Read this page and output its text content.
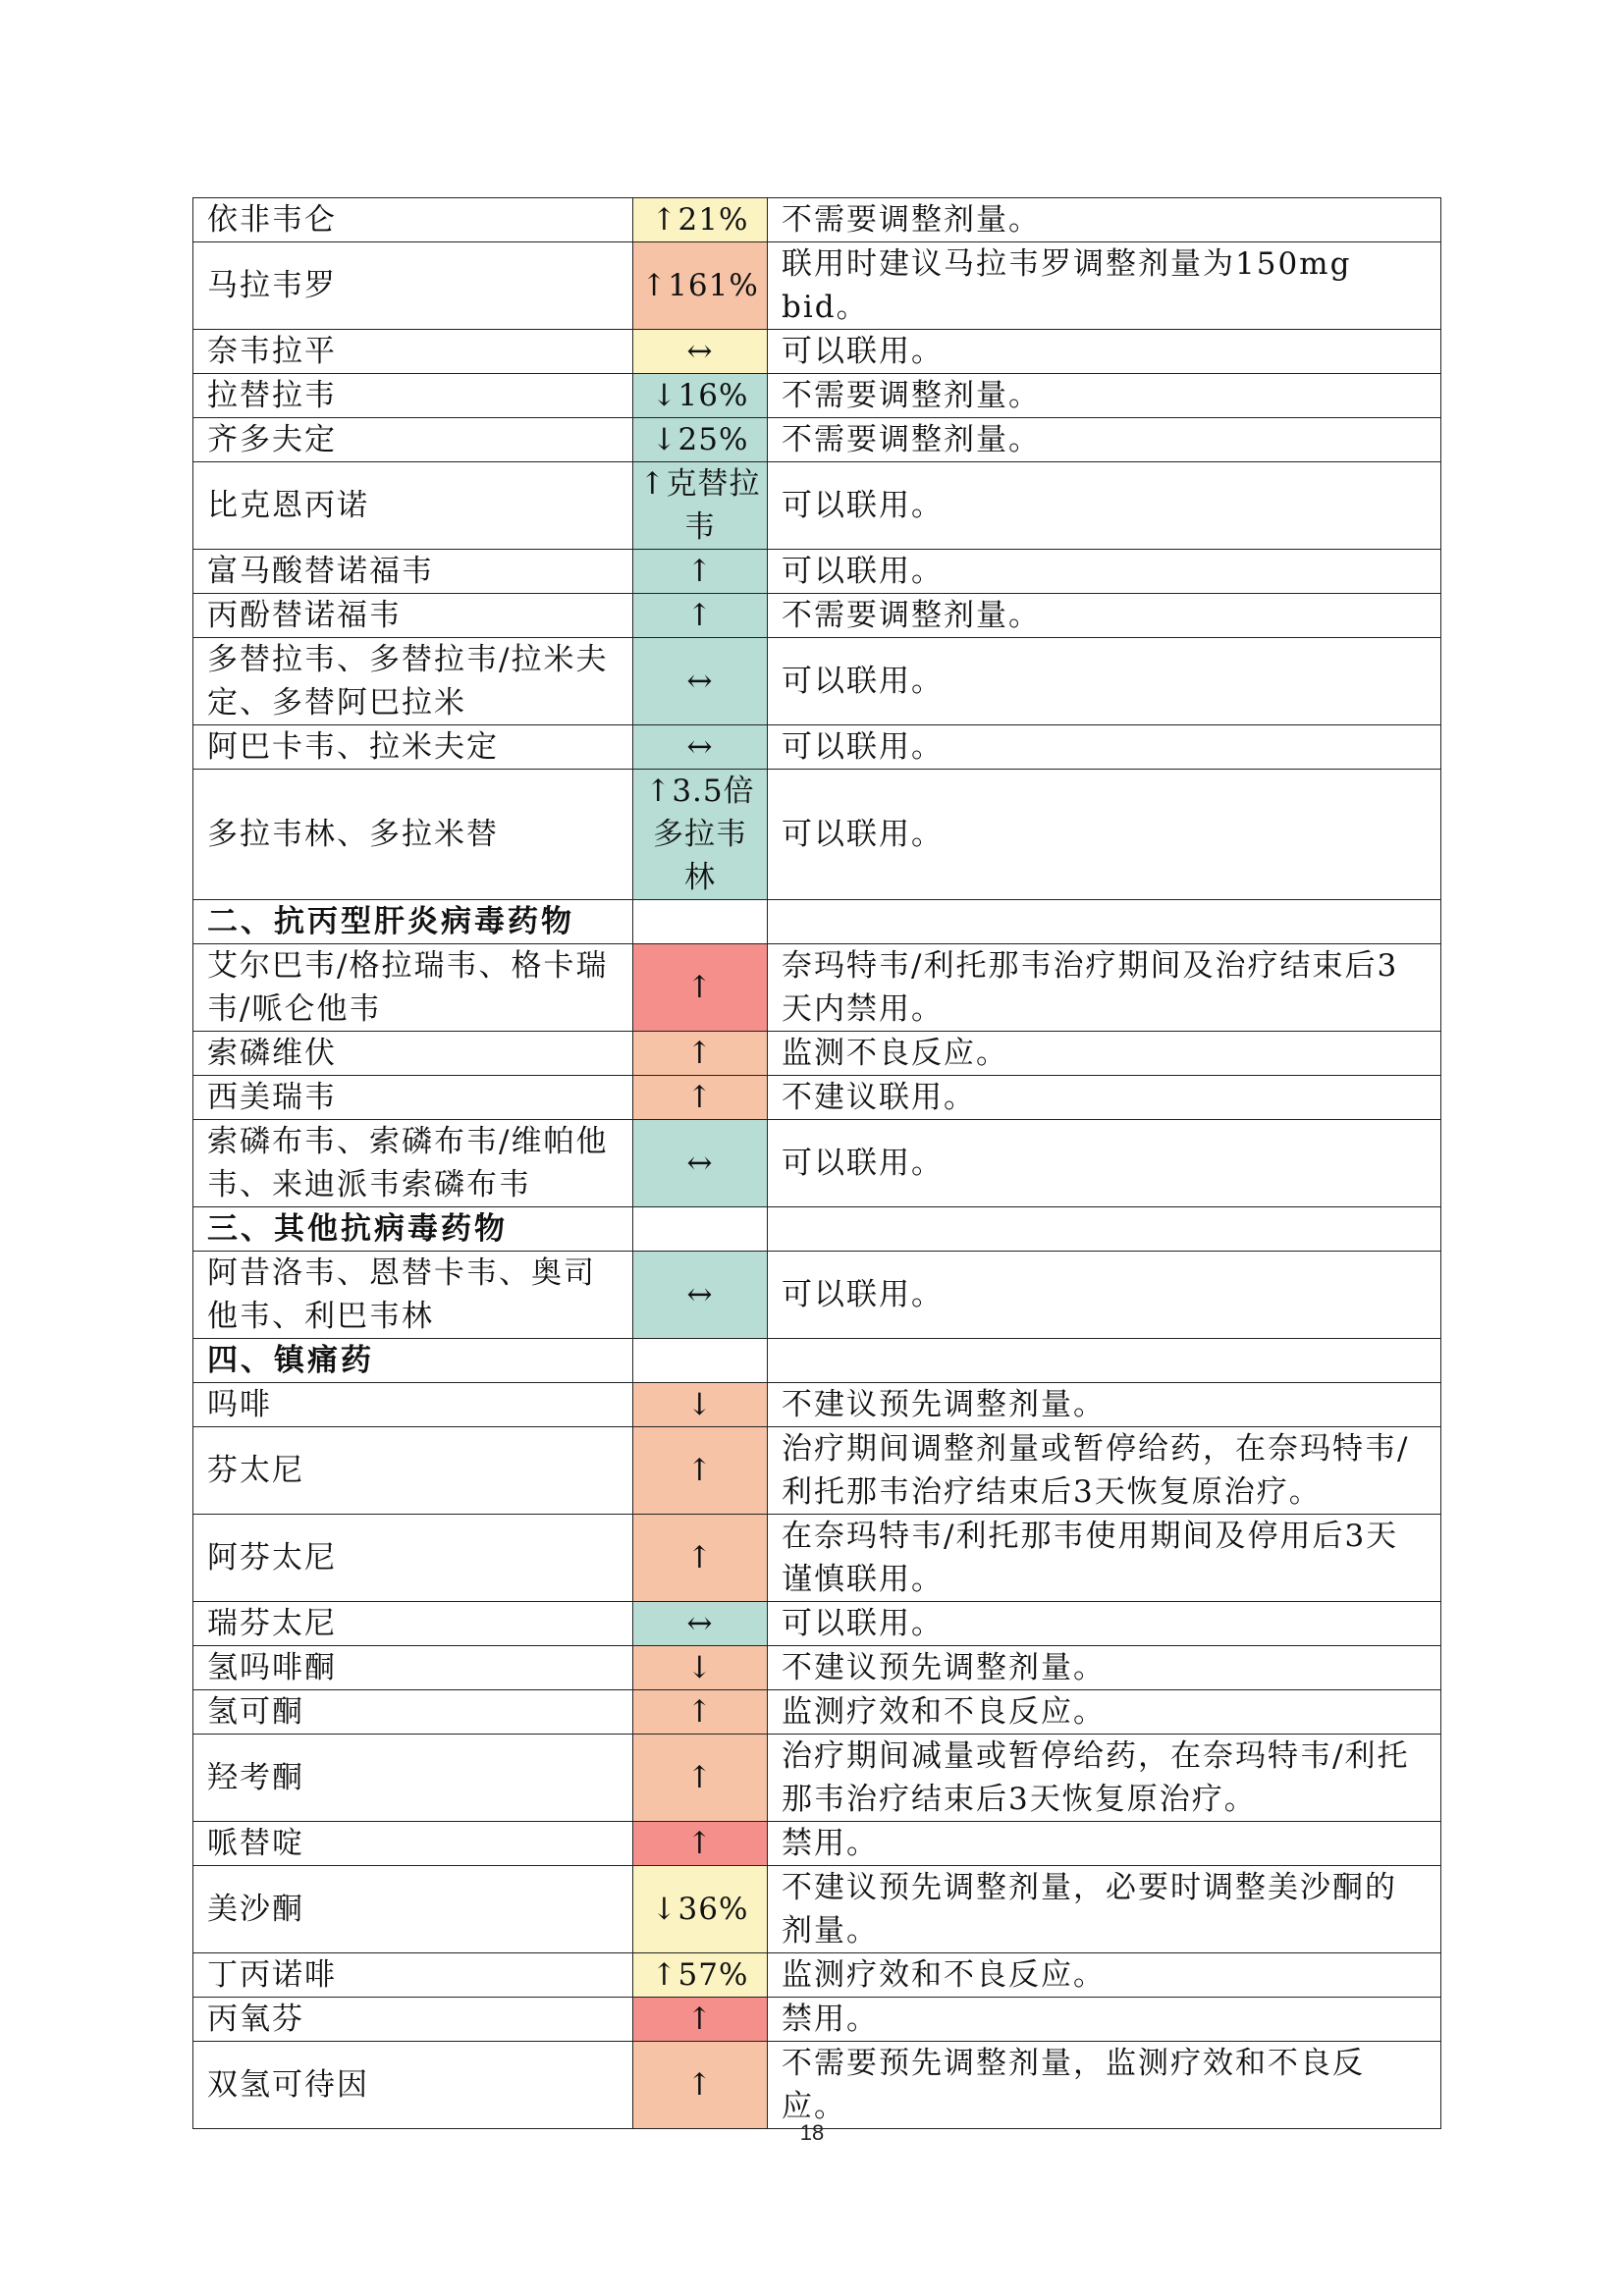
依非韦仑	↑21%	不需要调整剂量。
马拉韦罗	↑161%	联用时建议马拉韦罗调整剂量为150mg bid。
奈韦拉平	↔	可以联用。
拉替拉韦	↓16%	不需要调整剂量。
齐多夫定	↓25%	不需要调整剂量。
比克恩丙诺	↑克替拉韦	可以联用。
富马酸替诺福韦	↑	可以联用。
丙酚替诺福韦	↑	不需要调整剂量。
多替拉韦、多替拉韦/拉米夫定、多替阿巴拉米	↔	可以联用。
阿巴卡韦、拉米夫定	↔	可以联用。
多拉韦林、多拉米替	↑3.5倍多拉韦林	可以联用。
二、抗丙型肝炎病毒药物		
艾尔巴韦/格拉瑞韦、格卡瑞韦/哌仑他韦	↑	奈玛特韦/利托那韦治疗期间及治疗结束后3天内禁用。
索磷维伏	↑	监测不良反应。
西美瑞韦	↑	不建议联用。
索磷布韦、索磷布韦/维帕他韦、来迪派韦索磷布韦	↔	可以联用。
三、其他抗病毒药物		
阿昔洛韦、恩替卡韦、奥司他韦、利巴韦林	↔	可以联用。
四、镇痛药		
吗啡	↓	不建议预先调整剂量。
芬太尼	↑	治疗期间调整剂量或暂停给药，在奈玛特韦/利托那韦治疗结束后3天恢复原治疗。
阿芬太尼	↑	在奈玛特韦/利托那韦使用期间及停用后3天谨慎联用。
瑞芬太尼	↔	可以联用。
氢吗啡酮	↓	不建议预先调整剂量。
氢可酮	↑	监测疗效和不良反应。
羟考酮	↑	治疗期间减量或暂停给药，在奈玛特韦/利托那韦治疗结束后3天恢复原治疗。
哌替啶	↑	禁用。
美沙酮	↓36%	不建议预先调整剂量，必要时调整美沙酮的剂量。
丁丙诺啡	↑57%	监测疗效和不良反应。
丙氧芬	↑	禁用。
双氢可待因	↑	不需要预先调整剂量，监测疗效和不良反应。
18
